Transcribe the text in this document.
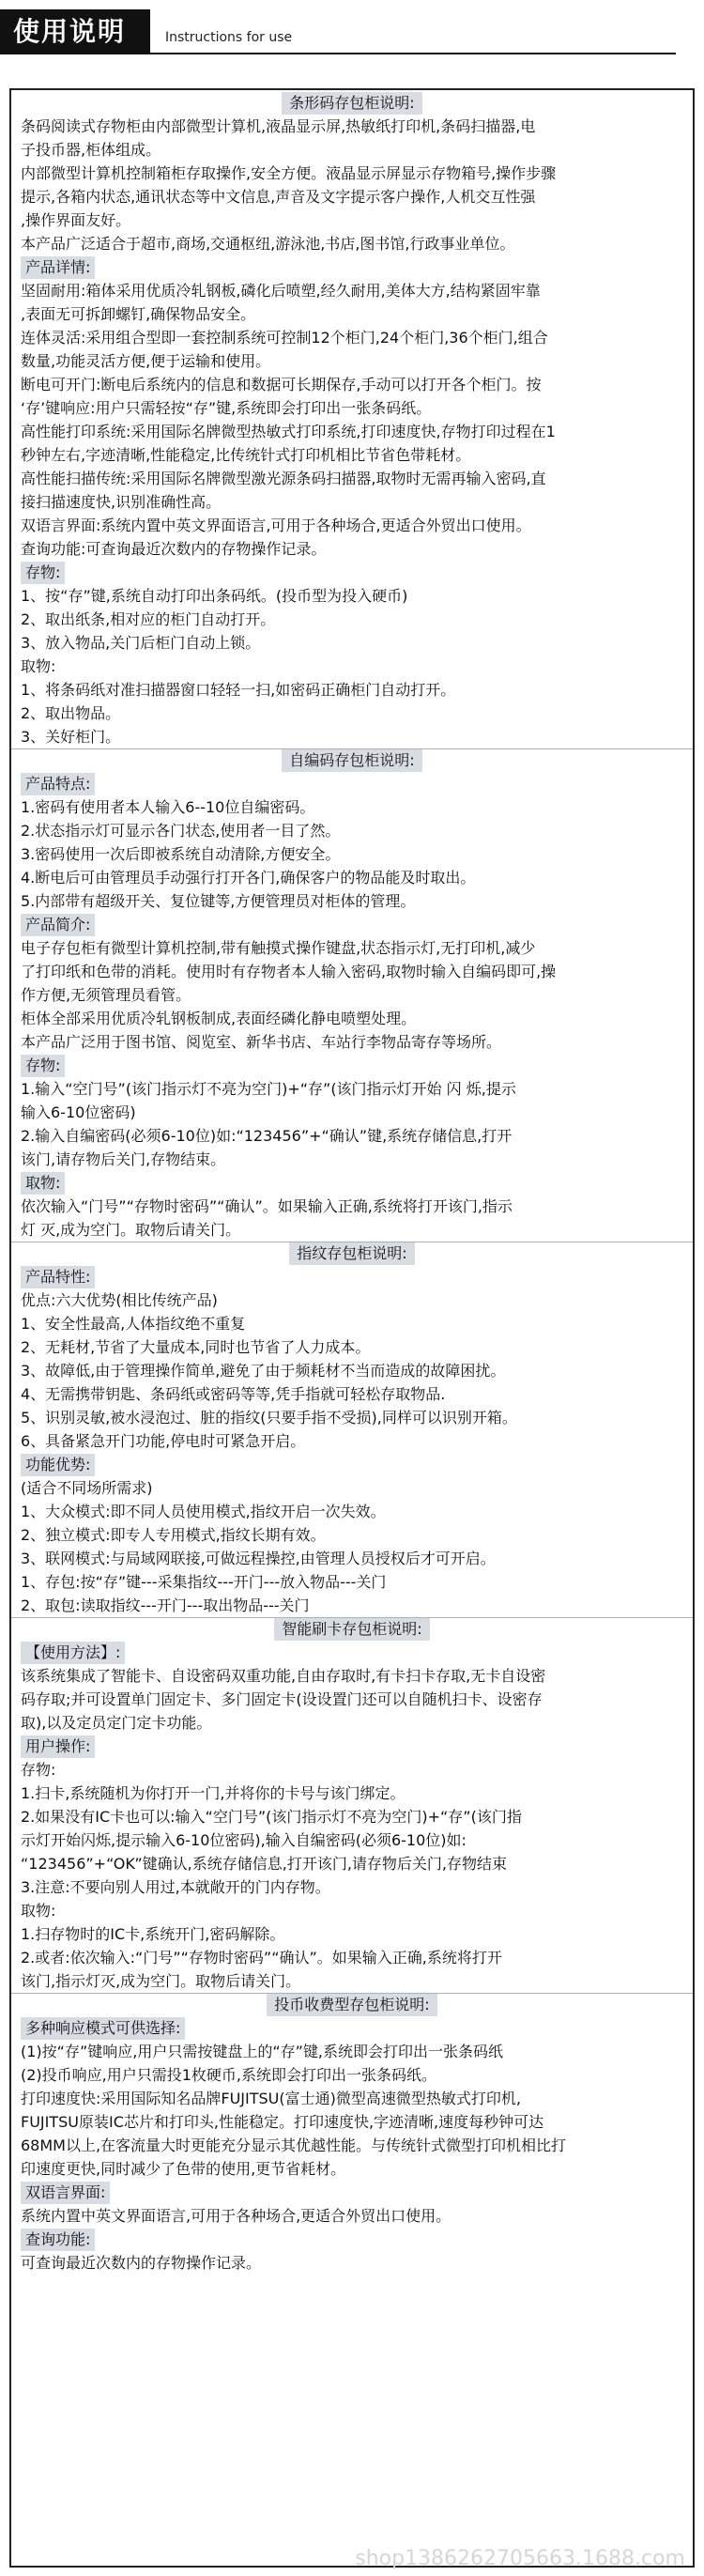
使用说明	Instructions for use
条形码存包柜说明:
条码阅读式存物柜由内部微型计算机,液晶显示屏,热敏纸打印机,条码扫描器,电
子投币器,柜体组成。
内部微型计算机控制箱柜存取操作,安全方便。液晶显示屏显示存物箱号,操作步骤
提示,各箱内状态,通讯状态等中文信息,声音及文字提示客户操作,人机交互性强
,操作界面友好。
本产品广泛适合于超市,商场,交通枢纽,游泳池,书店,图书馆,行政事业单位。
产品详情:
坚固耐用:箱体采用优质冷轧钢板,磷化后喷塑,经久耐用,美体大方,结构紧固牢靠
,表面无可拆卸螺钉,确保物品安全。
连体灵活:采用组合型即一套控制系统可控制12个柜门,24个柜门,36个柜门,组合
数量,功能灵活方便,便于运输和使用。
断电可开门:断电后系统内的信息和数据可长期保存,手动可以打开各个柜门。按
‘存’键响应:用户只需轻按“存”键,系统即会打印出一张条码纸。
高性能打印系统:采用国际名牌微型热敏式打印系统,打印速度快,存物打印过程在1
秒钟左右,字迹清晰,性能稳定,比传统针式打印机相比节省色带耗材。
高性能扫描传统:采用国际名牌微型激光源条码扫描器,取物时无需再输入密码,直
接扫描速度快,识别准确性高。
双语言界面:系统内置中英文界面语言,可用于各种场合,更适合外贸出口使用。
查询功能:可查询最近次数内的存物操作记录。
存物:
1、按“存”键,系统自动打印出条码纸。(投币型为投入硬币)
2、取出纸条,相对应的柜门自动打开。
3、放入物品,关门后柜门自动上锁。
取物:
1、将条码纸对准扫描器窗口轻轻一扫,如密码正确柜门自动打开。
2、取出物品。
3、关好柜门。
自编码存包柜说明:
产品特点:
1.密码有使用者本人输入6--10位自编密码。
2.状态指示灯可显示各门状态,使用者一目了然。
3.密码使用一次后即被系统自动清除,方便安全。
4.断电后可由管理员手动强行打开各门,确保客户的物品能及时取出。
5.内部带有超级开关、复位键等,方便管理员对柜体的管理。
产品简介:
电子存包柜有微型计算机控制,带有触摸式操作键盘,状态指示灯,无打印机,减少
了打印纸和色带的消耗。使用时有存物者本人输入密码,取物时输入自编码即可,操
作方便,无须管理员看管。
柜体全部采用优质冷轧钢板制成,表面经磷化静电喷塑处理。
本产品广泛用于图书馆、阅览室、新华书店、车站行李物品寄存等场所。
存物:
1.输入“空门号”(该门指示灯不亮为空门)+“存”(该门指示灯开始 闪 烁,提示
输入6-10位密码)
2.输入自编密码(必须6-10位)如:“123456”+“确认”键,系统存储信息,打开
该门,请存物后关门,存物结束。
取物:
依次输入“门号”“存物时密码”“确认”。如果输入正确,系统将打开该门,指示
灯 灭,成为空门。取物后请关门。
指纹存包柜说明:
产品特性:
优点:六大优势(相比传统产品)
1、安全性最高,人体指纹绝不重复
2、无耗材,节省了大量成本,同时也节省了人力成本。
3、故障低,由于管理操作简单,避免了由于频耗材不当而造成的故障困扰。
4、无需携带钥匙、条码纸或密码等等,凭手指就可轻松存取物品.
5、识别灵敏,被水浸泡过、脏的指纹(只要手指不受损),同样可以识别开箱。
6、具备紧急开门功能,停电时可紧急开启。
功能优势:
(适合不同场所需求)
1、大众模式:即不同人员使用模式,指纹开启一次失效。
2、独立模式:即专人专用模式,指纹长期有效。
3、联网模式:与局域网联接,可做远程操控,由管理人员授权后才可开启。
1、存包:按“存”键---采集指纹---开门---放入物品---关门
2、取包:读取指纹---开门---取出物品---关门
智能刷卡存包柜说明:
【使用方法】:
该系统集成了智能卡、自设密码双重功能,自由存取时,有卡扫卡存取,无卡自设密
码存取;并可设置单门固定卡、多门固定卡(设设置门还可以自随机扫卡、设密存
取),以及定员定门定卡功能。
用户操作:
存物:
1.扫卡,系统随机为你打开一门,并将你的卡号与该门绑定。
2.如果没有IC卡也可以:输入“空门号”(该门指示灯不亮为空门)+“存”(该门指
示灯开始闪烁,提示输入6-10位密码),输入自编密码(必须6-10位)如:
“123456”+“OK”键确认,系统存储信息,打开该门,请存物后关门,存物结束
3.注意:不要向别人用过,本就敞开的门内存物。
取物:
1.扫存物时的IC卡,系统开门,密码解除。
2.或者:依次输入:“门号”“存物时密码”“确认”。如果输入正确,系统将打开
该门,指示灯灭,成为空门。取物后请关门。
投币收费型存包柜说明:
多种响应模式可供选择:
(1)按“存”键响应,用户只需按键盘上的“存”键,系统即会打印出一张条码纸
(2)投币响应,用户只需投1枚硬币,系统即会打印出一张条码纸。
打印速度快:采用国际知名品牌FUJITSU(富士通)微型高速微型热敏式打印机,
FUJITSU原装IC芯片和打印头,性能稳定。打印速度快,字迹清晰,速度每秒钟可达
68MM以上,在客流量大时更能充分显示其优越性能。与传统针式微型打印机相比打
印速度更快,同时减少了色带的使用,更节省耗材。
双语言界面:
系统内置中英文界面语言,可用于各种场合,更适合外贸出口使用。
查询功能:
可查询最近次数内的存物操作记录。
shop1386262705663.1688.com
